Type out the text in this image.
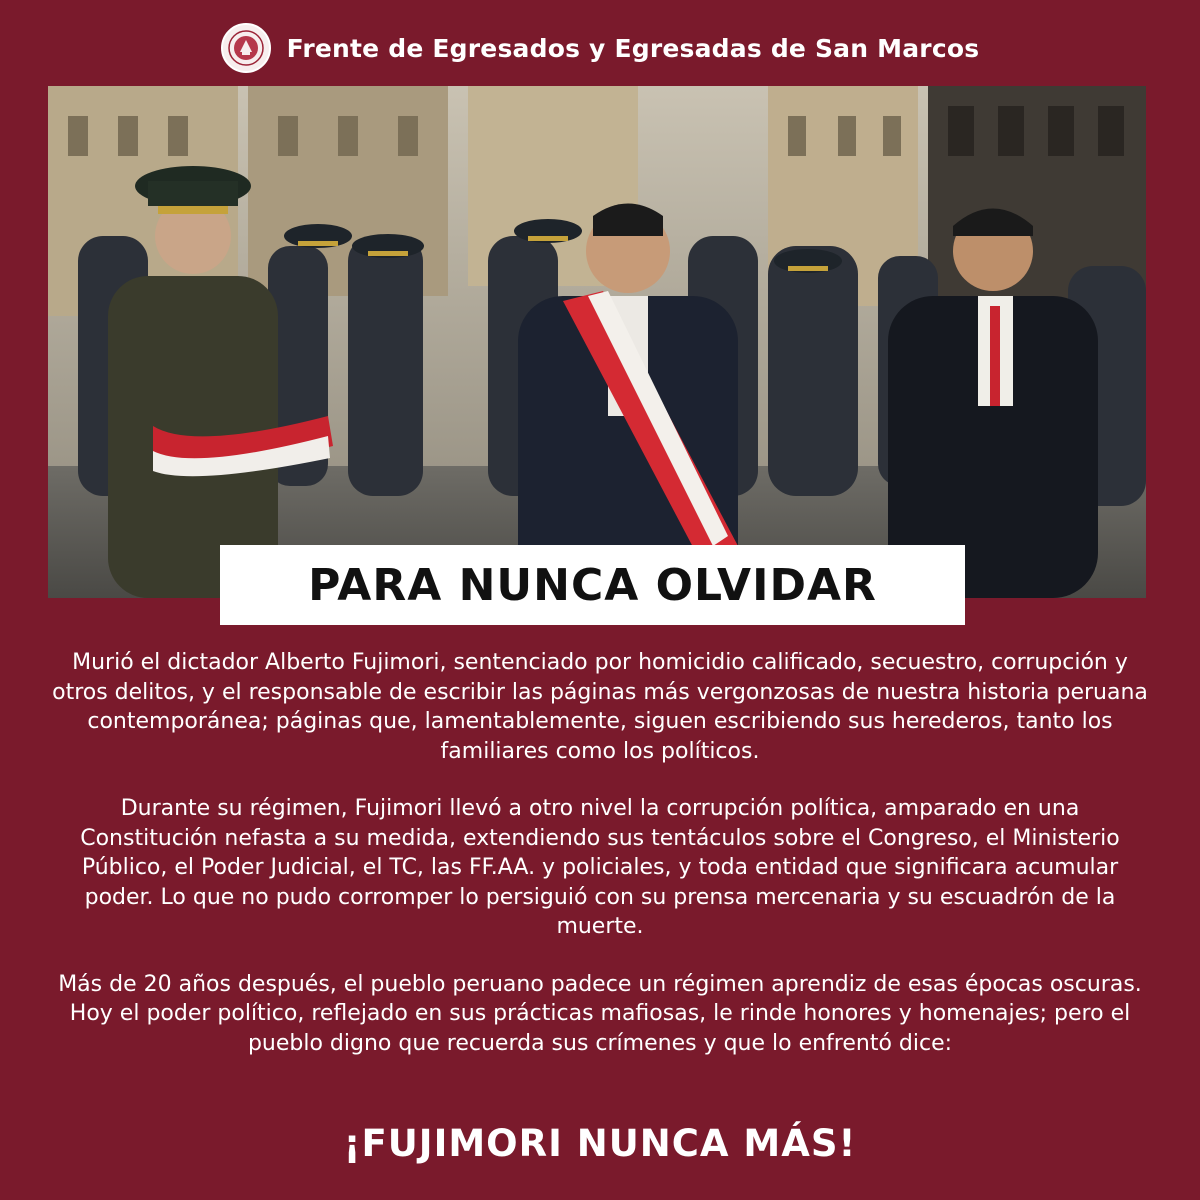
Frente de Egresados y Egresadas de San Marcos
PARA NUNCA OLVIDAR

Murió el dictador Alberto Fujimori, sentenciado por homicidio calificado, secuestro, corrupción y otros delitos, y el responsable de escribir las páginas más vergonzosas de nuestra historia peruana contemporánea; páginas que, lamentablemente, siguen escribiendo sus herederos, tanto los familiares como los políticos.

Durante su régimen, Fujimori llevó a otro nivel la corrupción política, amparado en una Constitución nefasta a su medida, extendiendo sus tentáculos sobre el Congreso, el Ministerio Público, el Poder Judicial, el TC, las FF.AA. y policiales, y toda entidad que significara acumular poder. Lo que no pudo corromper lo persiguió con su prensa mercenaria y su escuadrón de la muerte.

Más de 20 años después, el pueblo peruano padece un régimen aprendiz de esas épocas oscuras. Hoy el poder político, reflejado en sus prácticas mafiosas, le rinde honores y homenajes; pero el pueblo digno que recuerda sus crímenes y que lo enfrentó dice:

¡FUJIMORI NUNCA MÁS!
